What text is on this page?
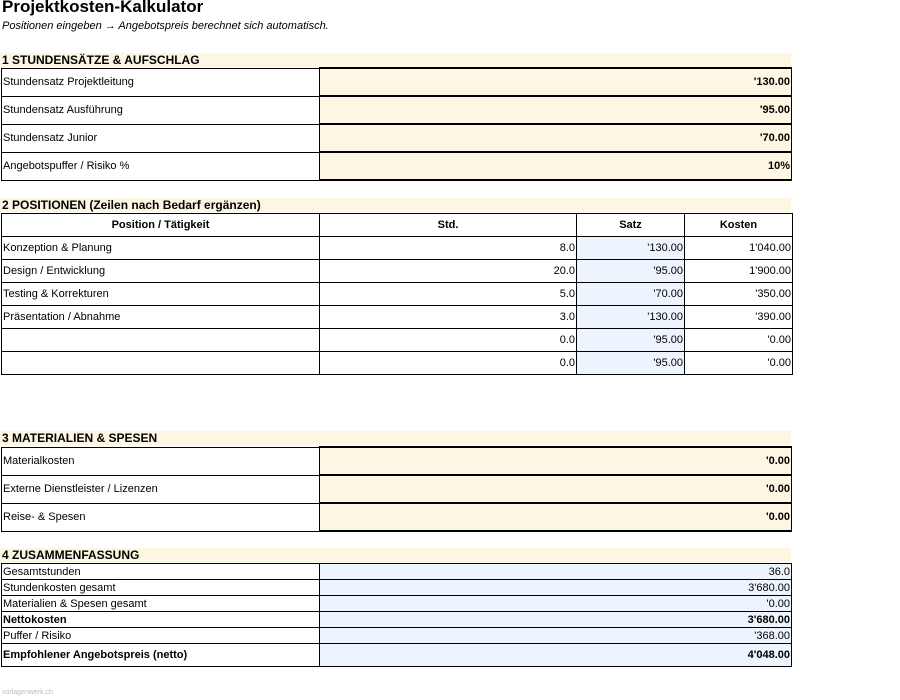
Projektkosten-Kalkulator
Positionen eingeben → Angebotspreis berechnet sich automatisch.
1 STUNDENSÄTZE & AUFSCHLAG
Stundensatz Projektleitung	'130.00
Stundensatz Ausführung	'95.00
Stundensatz Junior	'70.00
Angebotspuffer / Risiko %	10%
2 POSITIONEN (Zeilen nach Bedarf ergänzen)
Position / Tätigkeit	Std.	Satz	Kosten
Konzeption & Planung	8.0	'130.00	1'040.00
Design / Entwicklung	20.0	'95.00	1'900.00
Testing & Korrekturen	5.0	'70.00	'350.00
Präsentation / Abnahme	3.0	'130.00	'390.00
	0.0	'95.00	'0.00
	0.0	'95.00	'0.00
3 MATERIALIEN & SPESEN
Materialkosten	'0.00
Externe Dienstleister / Lizenzen	'0.00
Reise- & Spesen	'0.00
4 ZUSAMMENFASSUNG
Gesamtstunden	36.0
Stundenkosten gesamt	3'680.00
Materialien & Spesen gesamt	'0.00
Nettokosten	3'680.00
Puffer / Risiko	'368.00
Empfohlener Angebotspreis (netto)	4'048.00
vorlagenwerk.ch
